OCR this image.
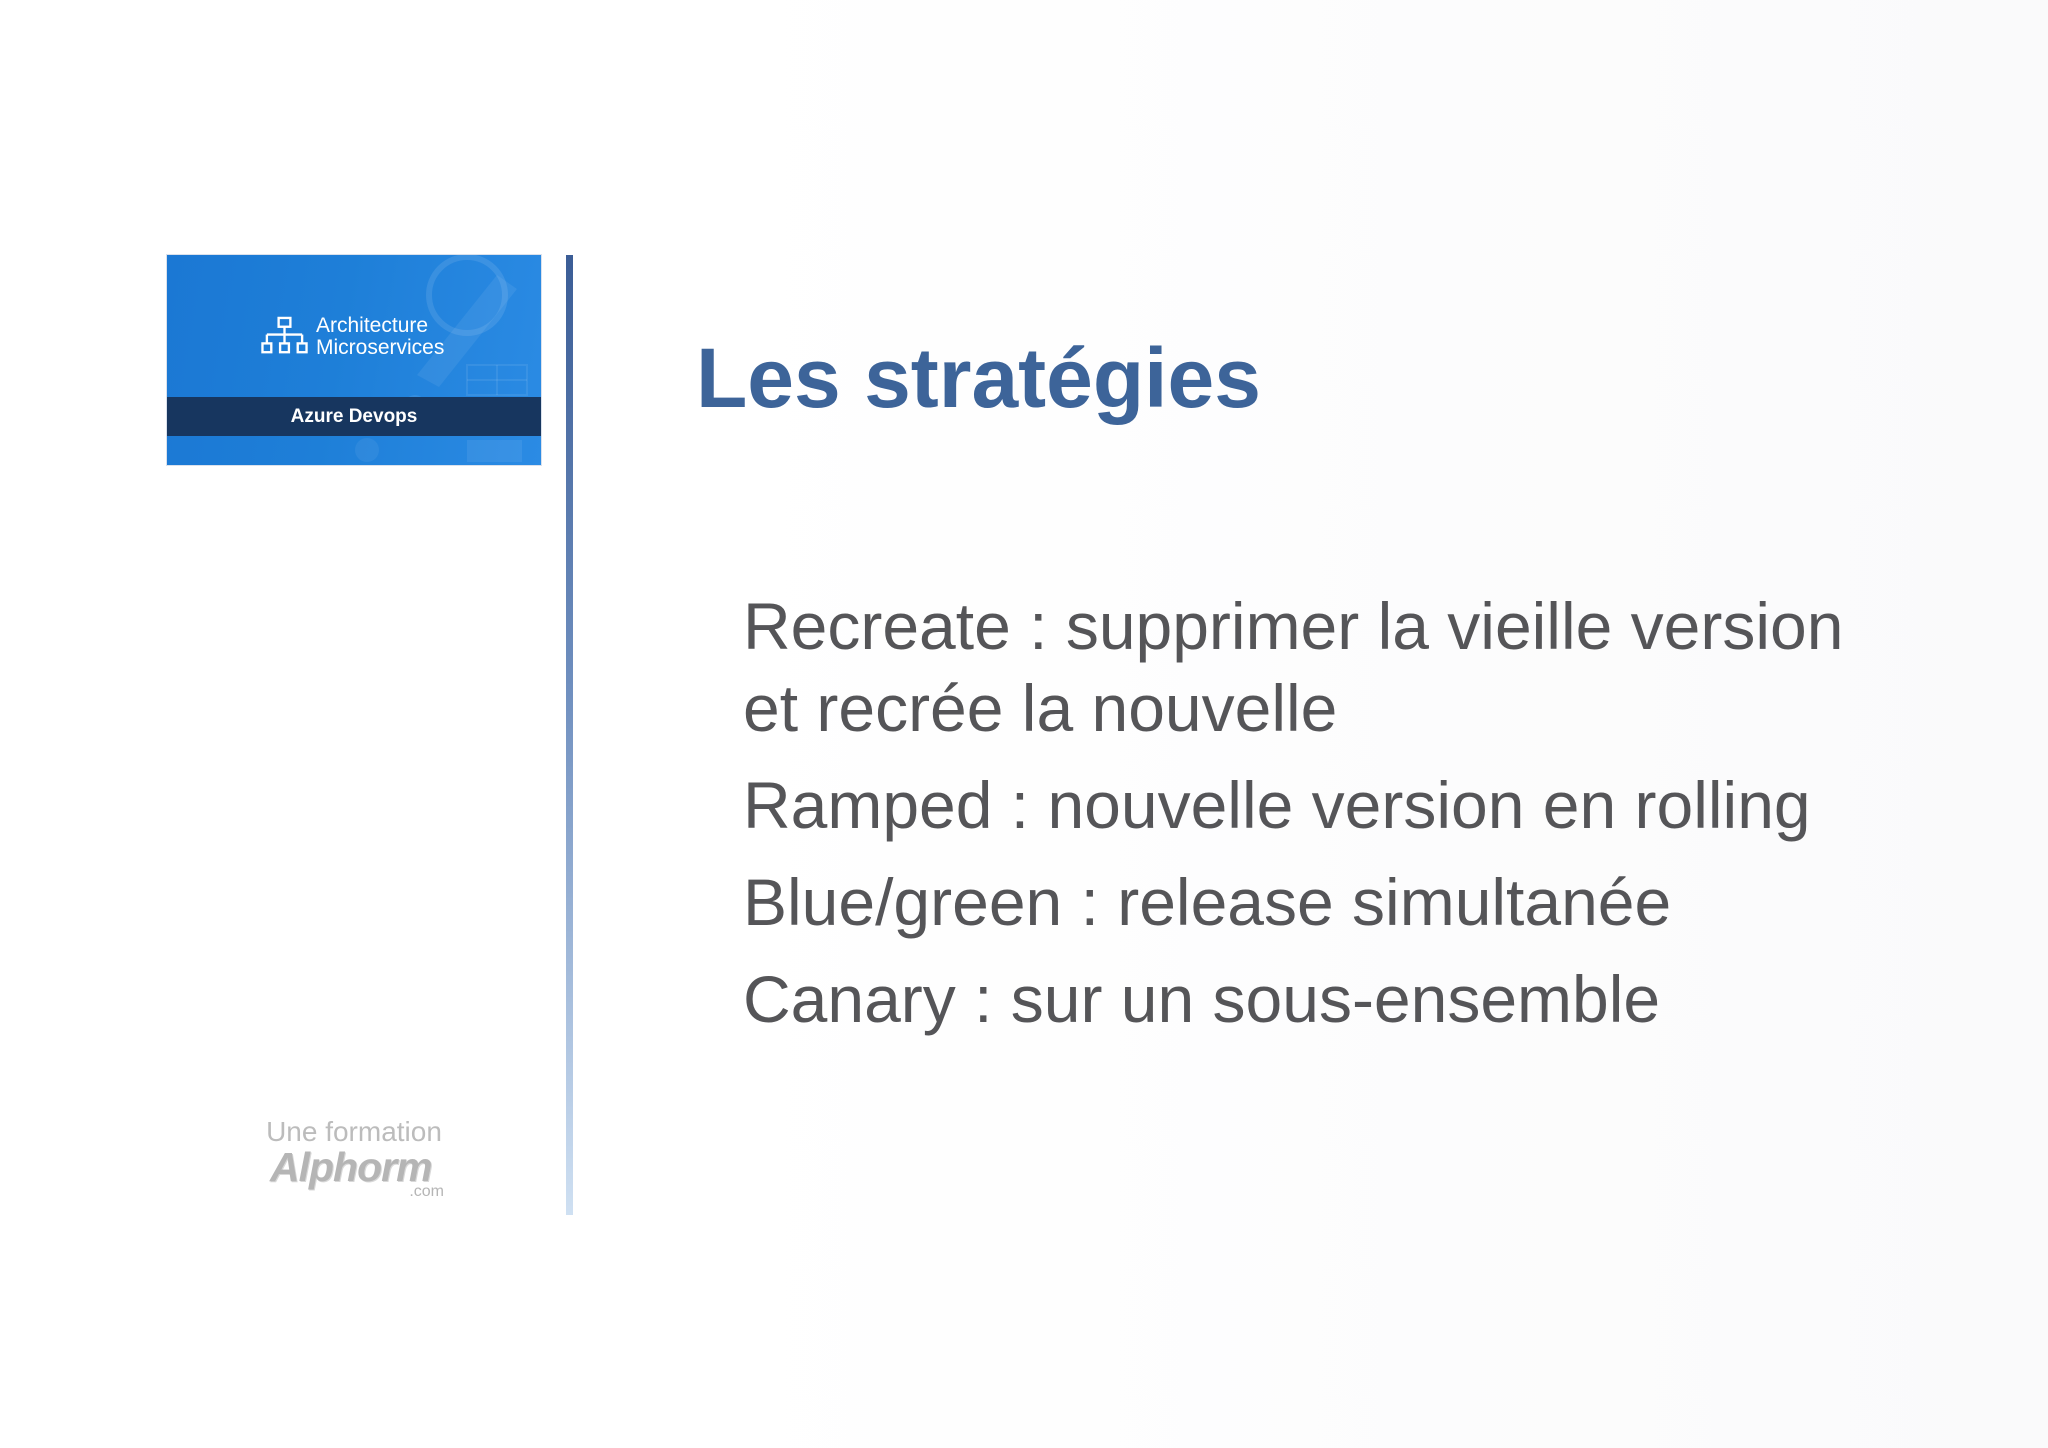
Architecture
Microservices
Azure Devops	Les stratégies

Recreate : supprimer la vieille version et recrée la nouvelle

Ramped : nouvelle version en rolling

Blue/green : release simultanée

Canary : sur un sous-ensemble

Une formation
Alphorm
.com
